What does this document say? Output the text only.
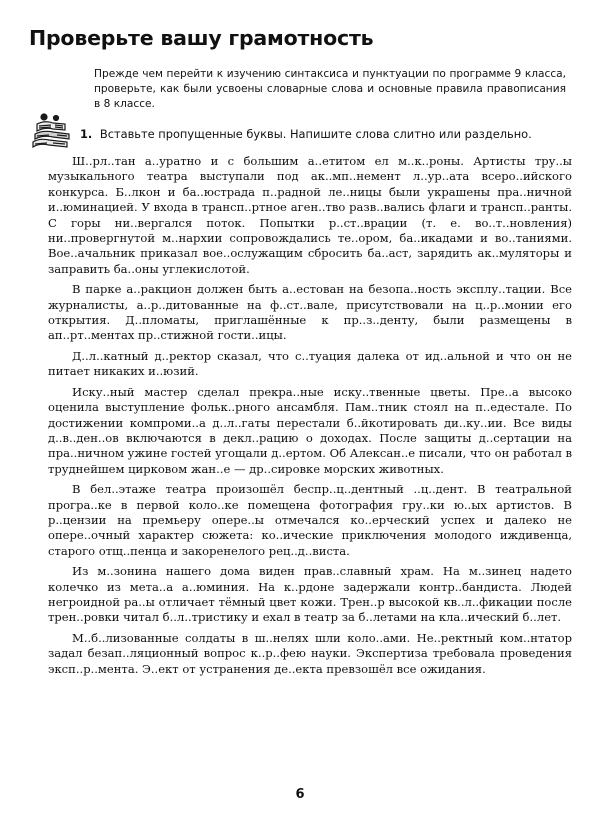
Проверьте вашу грамотность

Прежде чем перейти к изучению синтаксиса и пунктуации по программе 9 класса, проверьте, как были усвоены словарные слова и основные правила правописания в 8 классе.

1. Вставьте пропущенные буквы. Напишите слова слитно или раздельно.

Ш..рл..тан а..уратно и с большим а..етитом ел м..к..роны. Артисты тру..ы музыкального театра выступали под ак..мп..немент л..ур..ата всеро..ийского конкурса. Б..лкон и ба..юстрада п..радной ле..ницы были украшены пра..ничной и..юминацией. У входа в трансп..ртное аген..тво разв..вались флаги и трансп..ранты. С горы ни..вергался поток. Попытки р..ст..врации (т. е. во..т..новления) ни..провергнутой м..нархии сопровождались те..ором, ба..икадами и во..таниями. Вое..ачальник приказал вое..ослужащим сбросить ба..аст, зарядить ак..муляторы и заправить ба..оны углекислотой.

В парке а..ракцион должен быть а..естован на безопа..ность эксплу..тации. Все журналисты, а..р..дитованные на ф..ст..вале, присутствовали на ц..р..монии его открытия. Д..пломаты, приглашённые к пр..з..денту, были размещены в ап..рт..ментах пр..стижной гости..ицы.

Д..л..катный д..ректор сказал, что с..туация далека от ид..альной и что он не питает никаких и..юзий.

Иску..ный мастер сделал прекра..ные иску..твенные цветы. Пре..а высоко оценила выступление фольк..рного ансамбля. Пам..тник стоял на п..едестале. По достижении компроми..а д..л..гаты перестали б..йкотировать ди..ку..ии. Все виды д..в..ден..ов включаются в декл..рацию о доходах. После защиты д..сертации на пра..ничном ужине гостей угощали д..ертом. Об Алексан..е писали, что он работал в труднейшем цирковом жан..е — др..сировке морских животных.

В бел..этаже театра произошёл беспр..ц..дентный ..ц..дент. В театральной програ..ке в первой коло..ке помещена фотография гру..ки ю..ых артистов. В р..цензии на премьеру опере..ы отмечался ко..ерческий успех и далеко не опере..очный характер сюжета: ко..ические приключения молодого иждивенца, старого отщ..пенца и закоренелого рец..д..виста.

Из м..зонина нашего дома виден прав..славный храм. На м..зинец надето колечко из мета..а а..юминия. На к..рдоне задержали контр..бандиста. Людей негроидной ра..ы отличает тёмный цвет кожи. Трен..р высокой кв..л..фикации после трен..ровки читал б..л..тристику и ехал в театр за б..летами на кла..ический б..лет.

М..б..лизованные солдаты в ш..нелях шли коло..ами. Не..ректный ком..нтатор задал безап..ляционный вопрос к..р..фею науки. Экспертиза требовала проведения эксп..р..мента. Э..ект от устранения де..екта превзошёл все ожидания.

6
